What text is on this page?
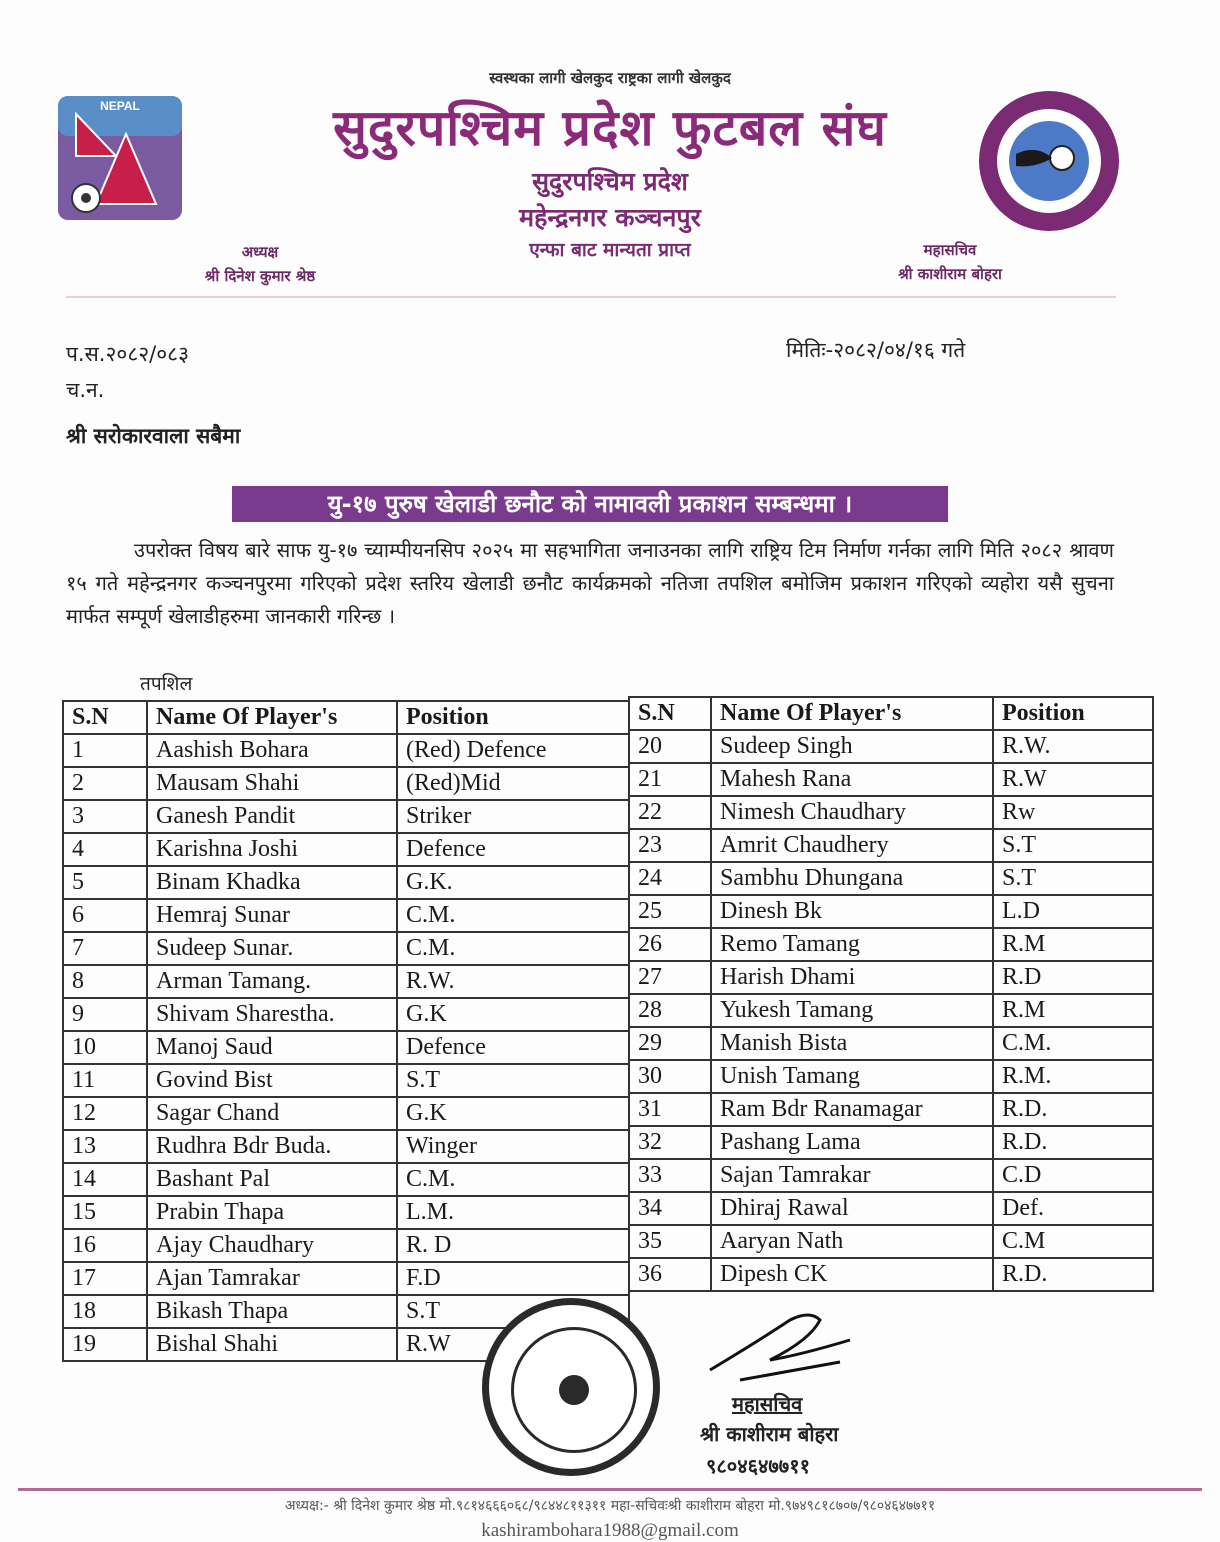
स्वस्थका लागी खेलकुद राष्ट्रका लागी खेलकुद
NEPAL	सुदुरपश्चिम प्रदेश फुटबल संघ
सुदुरपश्चिम प्रदेश
महेन्द्रनगर कञ्चनपुर
एन्फा बाट मान्यता प्राप्त
अध्यक्ष
श्री दिनेश कुमार श्रेष्ठ
महासचिव
श्री काशीराम बोहरा
प.स.२०८२/०८३
च.न.
मितिः-२०८२/०४/१६ गते
श्री सरोकारवाला सबैमा
यु-१७ पुरुष खेलाडी छनौट को नामावली प्रकाशन सम्बन्धमा ।
उपरोक्त विषय बारे साफ यु-१७ च्याम्पीयनसिप २०२५ मा सहभागिता जनाउनका लागि राष्ट्रिय टिम निर्माण गर्नका लागि मिति २०८२ श्रावण १५ गते महेन्द्रनगर कञ्चनपुरमा गरिएको प्रदेश स्तरिय खेलाडी छनौट कार्यक्रमको नतिजा तपशिल बमोजिम प्रकाशन गरिएको व्यहोरा यसै सुचना मार्फत सम्पूर्ण खेलाडीहरुमा जानकारी गरिन्छ ।
तपशिल
S.N	Name Of Player's	Position
1	Aashish Bohara	(Red) Defence
2	Mausam Shahi	(Red)Mid
3	Ganesh Pandit	Striker
4	Karishna Joshi	Defence
5	Binam Khadka	G.K.
6	Hemraj Sunar	C.M.
7	Sudeep Sunar.	C.M.
8	Arman Tamang.	R.W.
9	Shivam Sharestha.	G.K
10	Manoj Saud	Defence
11	Govind Bist	S.T
12	Sagar Chand	G.K
13	Rudhra Bdr Buda.	Winger
14	Bashant Pal	C.M.
15	Prabin Thapa	L.M.
16	Ajay Chaudhary	R. D
17	Ajan Tamrakar	F.D
18	Bikash Thapa	S.T
19	Bishal Shahi	R.W
S.N	Name Of Player's	Position
20	Sudeep Singh	R.W.
21	Mahesh Rana	R.W
22	Nimesh Chaudhary	Rw
23	Amrit Chaudhery	S.T
24	Sambhu Dhungana	S.T
25	Dinesh Bk	L.D
26	Remo Tamang	R.M
27	Harish Dhami	R.D
28	Yukesh Tamang	R.M
29	Manish Bista	C.M.
30	Unish Tamang	R.M.
31	Ram Bdr Ranamagar	R.D.
32	Pashang Lama	R.D.
33	Sajan Tamrakar	C.D
34	Dhiraj Rawal	Def.
35	Aaryan Nath	C.M
36	Dipesh CK	R.D.
महासचिव
श्री काशीराम बोहरा
९८०४६४७७११
अध्यक्ष:- श्री दिनेश कुमार श्रेष्ठ मो.९८१४६६६०६८/९८४४८११३११ महा-सचिवःश्री काशीराम बोहरा मो.९७४९८१८७०७/९८०४६४७७११
kashirambohara1988@gmail.com
